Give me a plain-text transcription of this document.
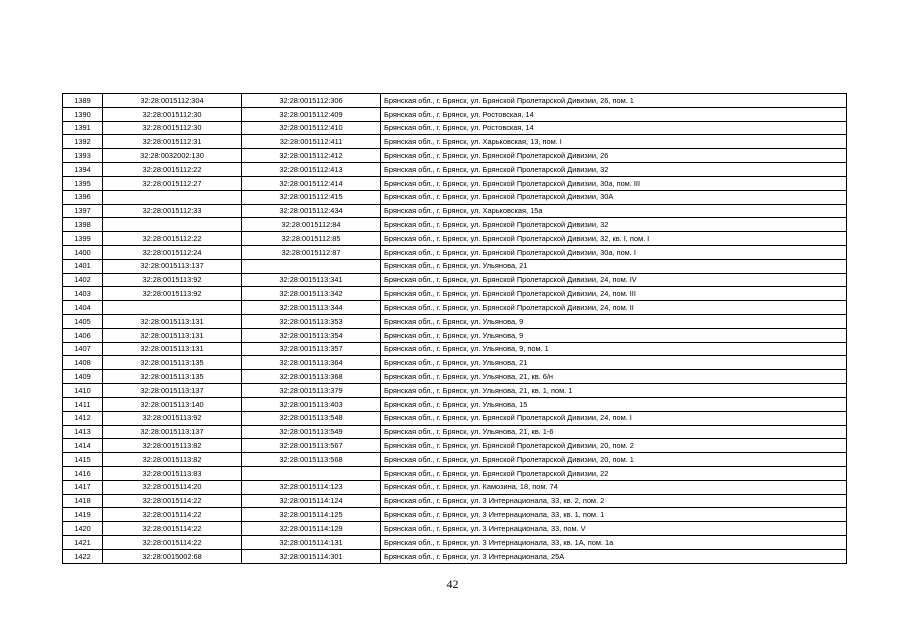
1389	32:28:0015112:304	32:28:0015112:306	Брянская обл., г. Брянск, ул. Брянской Пролетарской Дивизии, 26, пом. 1
1390	32:28:0015112:30	32:28:0015112:409	Брянская обл., г. Брянск, ул. Ростовская, 14
1391	32:28:0015112:30	32:28:0015112:410	Брянская обл., г. Брянск, ул. Ростовская, 14
1392	32:28:0015112:31	32:28:0015112:411	Брянская обл., г. Брянск, ул. Харьковская, 13, пом. I
1393	32:28:0032002:130	32:28:0015112:412	Брянская обл., г. Брянск, ул. Брянской Пролетарской Дивизии, 26
1394	32:28:0015112:22	32:28:0015112:413	Брянская обл., г. Брянск, ул. Брянской Пролетарской Дивизии, 32
1395	32:28:0015112:27	32:28:0015112:414	Брянская обл., г. Брянск, ул. Брянской Пролетарской Дивизии, 30а, пом. III
1396		32:28:0015112:415	Брянская обл., г. Брянск, ул. Брянской Пролетарской Дивизии, 30А
1397	32:28:0015112:33	32:28:0015112:434	Брянская обл., г. Брянск, ул. Харьковская, 15а
1398		32:28:0015112:84	Брянская обл., г. Брянск, ул. Брянской Пролетарской Дивизии, 32
1399	32:28:0015112:22	32:28:0015112:85	Брянская обл., г. Брянск, ул. Брянской Пролетарской Дивизии, 32, кв. I, пом. I
1400	32:28:0015112:24	32:28:0015112:87	Брянская обл., г. Брянск, ул. Брянской Пролетарской Дивизии, 30а, пом. I
1401	32:28:0015113:137		Брянская обл., г. Брянск, ул. Ульянова, 21
1402	32:28:0015113:92	32:28:0015113:341	Брянская обл., г. Брянск, ул. Брянской Пролетарской Дивизии, 24, пом. IV
1403	32:28:0015113:92	32:28:0015113:342	Брянская обл., г. Брянск, ул. Брянской Пролетарской Дивизии, 24, пом. III
1404		32:28:0015113:344	Брянская обл., г. Брянск, ул. Брянской Пролетарской Дивизии, 24, пом. II
1405	32:28:0015113:131	32:28:0015113:353	Брянская обл., г. Брянск, ул. Ульянова, 9
1406	32:28:0015113:131	32:28:0015113:354	Брянская обл., г. Брянск, ул. Ульянова, 9
1407	32:28:0015113:131	32:28:0015113:357	Брянская обл., г. Брянск, ул. Ульянова, 9, пом. 1
1408	32:28:0015113:135	32:28:0015113:364	Брянская обл., г. Брянск, ул. Ульянова, 21
1409	32:28:0015113:135	32:28:0015113:368	Брянская обл., г. Брянск, ул. Ульянова, 21, кв. 6/н
1410	32:28:0015113:137	32:28:0015113:379	Брянская обл., г. Брянск, ул. Ульянова, 21, кв. 1, пом. 1
1411	32:28:0015113:140	32:28:0015113:403	Брянская обл., г. Брянск, ул. Ульянова, 15
1412	32:28:0015113:92	32:28:0015113:548	Брянская обл., г. Брянск, ул. Брянской Пролетарской Дивизии, 24, пом. I
1413	32:28:0015113:137	32:28:0015113:549	Брянская обл., г. Брянск, ул. Ульянова, 21, кв. 1-6
1414	32:28:0015113:82	32:28:0015113:567	Брянская обл., г. Брянск, ул. Брянской Пролетарской Дивизии, 20, пом. 2
1415	32:28:0015113:82	32:28:0015113:568	Брянская обл., г. Брянск, ул. Брянской Пролетарской Дивизии, 20, пом. 1
1416	32:28:0015113:83		Брянская обл., г. Брянск, ул. Брянской Пролетарской Дивизии, 22
1417	32:28:0015114:20	32:28:0015114:123	Брянская обл., г. Брянск, ул. Камозина, 18, пом. 74
1418	32:28:0015114:22	32:28:0015114:124	Брянская обл., г. Брянск, ул. 3 Интернационала, 33, кв. 2, пом. 2
1419	32:28:0015114:22	32:28:0015114:125	Брянская обл., г. Брянск, ул. 3 Интернационала, 33, кв. 1, пом. 1
1420	32:28:0015114:22	32:28:0015114:129	Брянская обл., г. Брянск, ул. 3 Интернационала, 33, пом. V
1421	32:28:0015114:22	32:28:0015114:131	Брянская обл., г. Брянск, ул. 3 Интернационала, 33, кв. 1А, пом. 1а
1422	32:28:0015002:68	32:28:0015114:301	Брянская обл., г. Брянск, ул. 3 Интернационала, 25А
42
